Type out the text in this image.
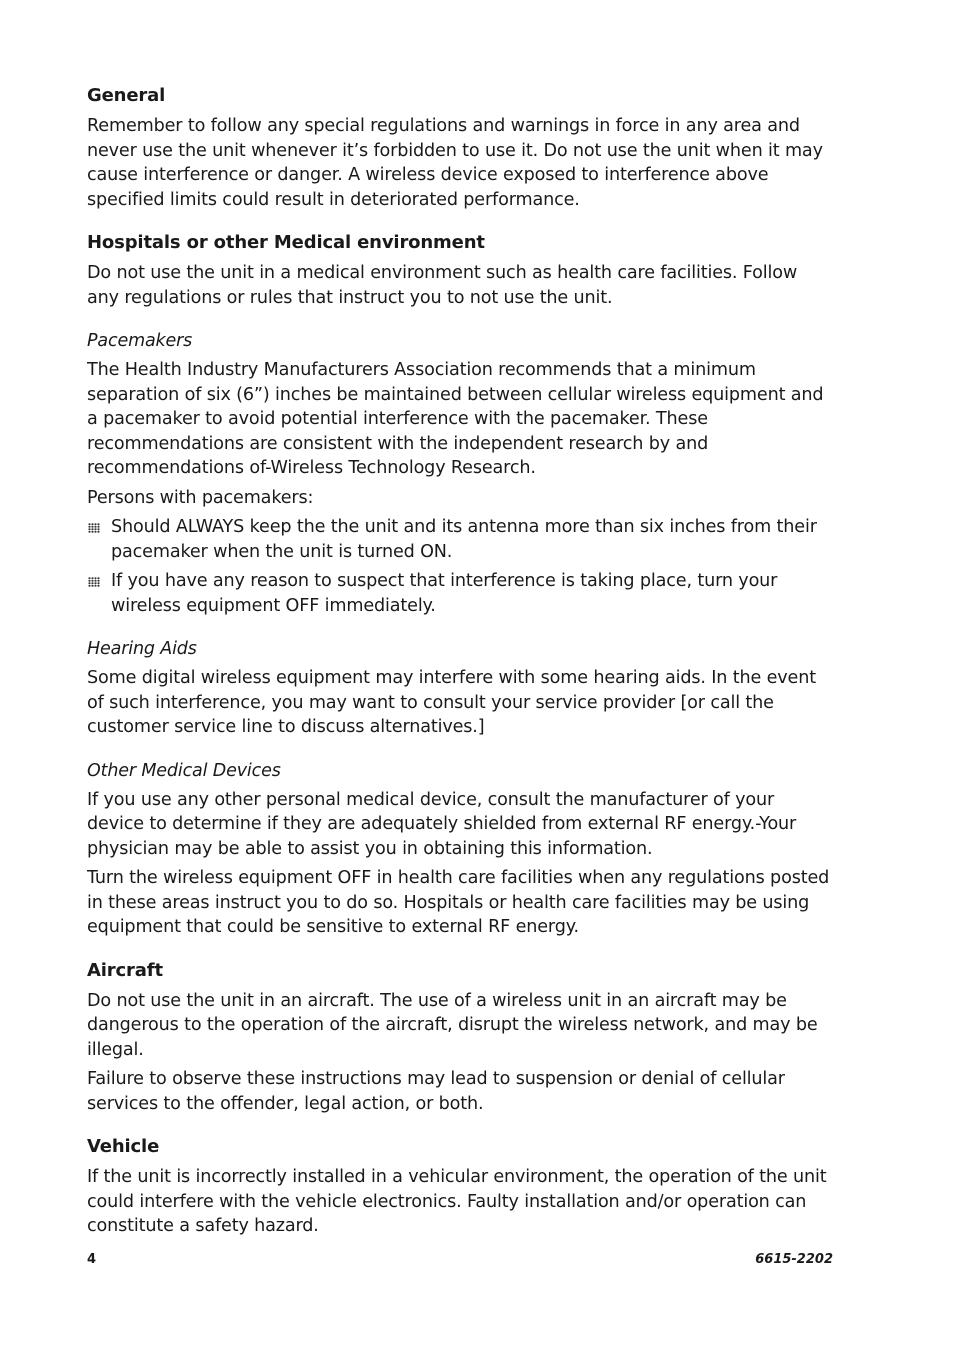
General

Remember to follow any special regulations and warnings in force in any area and never use the unit whenever it’s forbidden to use it. Do not use the unit when it may cause interference or danger. A wireless device exposed to interference above specified limits could result in deteriorated performance.

Hospitals or other Medical environment

Do not use the unit in a medical environment such as health care facilities. Follow any regulations or rules that instruct you to not use the unit.

Pacemakers

The Health Industry Manufacturers Association recommends that a minimum separation of six (6”) inches be maintained between cellular wireless equipment and a pacemaker to avoid potential interference with the pacemaker. These recommendations are consistent with the independent research by and recommendations of-Wireless Technology Research.

Persons with pacemakers:

Should ALWAYS keep the the unit and its antenna more than six inches from their pacemaker when the unit is turned ON.
If you have any reason to suspect that interference is taking place, turn your wireless equipment OFF immediately.
Hearing Aids

Some digital wireless equipment may interfere with some hearing aids. In the event of such interference, you may want to consult your service provider [or call the customer service line to discuss alternatives.]

Other Medical Devices

If you use any other personal medical device, consult the manufacturer of your device to determine if they are adequately shielded from external RF energy.-Your physician may be able to assist you in obtaining this information.

Turn the wireless equipment OFF in health care facilities when any regulations posted in these areas instruct you to do so. Hospitals or health care facilities may be using equipment that could be sensitive to external RF energy.

Aircraft

Do not use the unit in an aircraft. The use of a wireless unit in an aircraft may be dangerous to the operation of the aircraft, disrupt the wireless network, and may be illegal.

Failure to observe these instructions may lead to suspension or denial of cellular services to the offender, legal action, or both.

Vehicle

If the unit is incorrectly installed in a vehicular environment, the operation of the unit could interfere with the vehicle electronics. Faulty installation and/or operation can constitute a safety hazard.

4	6615-2202
